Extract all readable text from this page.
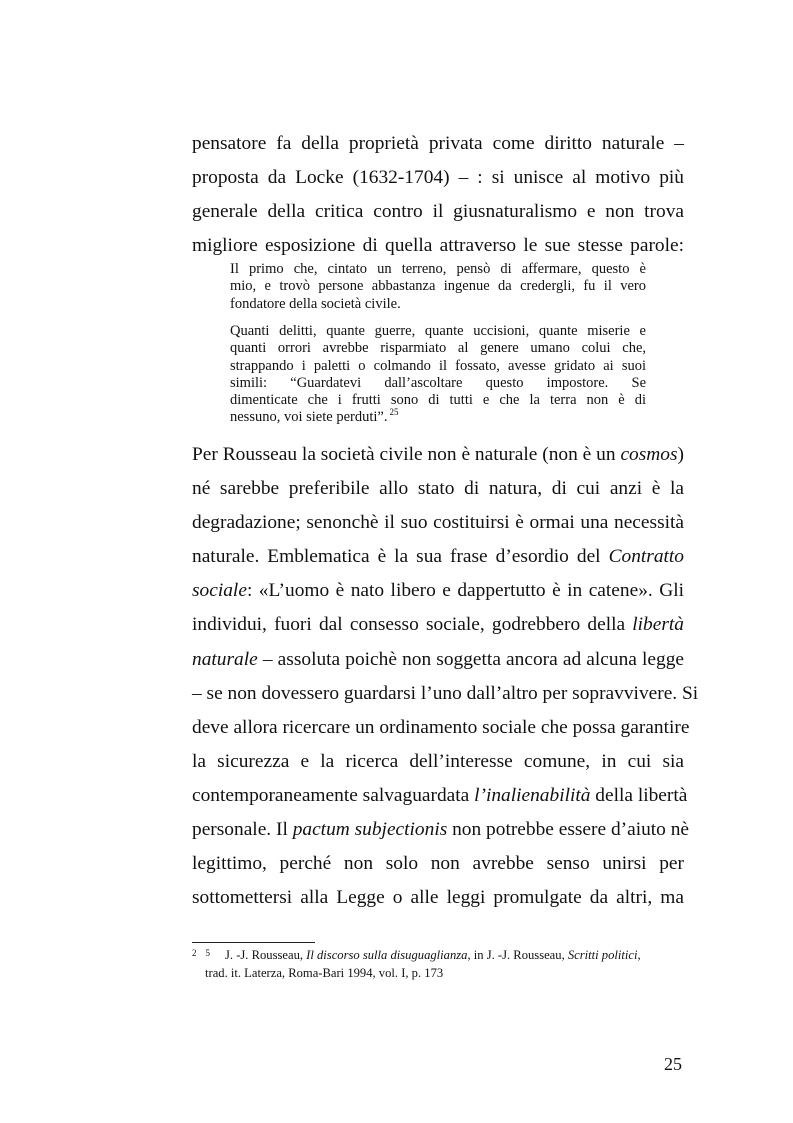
pensatore fa della proprietà privata come diritto naturale –
proposta da Locke (1632-1704) – : si unisce al motivo più
generale della critica contro il giusnaturalismo e non trova
migliore esposizione di quella attraverso le sue stesse parole:
Il primo che, cintato un terreno, pensò di affermare, questo è
mio, e trovò persone abbastanza ingenue da credergli, fu il vero
fondatore della società civile.
Quanti delitti, quante guerre, quante uccisioni, quante miserie e
quanti orrori avrebbe risparmiato al genere umano colui che,
strappando i paletti o colmando il fossato, avesse gridato ai suoi
simili: “Guardatevi dall’ascoltare questo impostore. Se
dimenticate che i frutti sono di tutti e che la terra non è di
nessuno, voi siete perduti”. $^{25}$
Per Rousseau la società civile non è naturale (non è un cosmos)
né sarebbe preferibile allo stato di natura, di cui anzi è la
degradazione; senonchè il suo costituirsi è ormai una necessità
naturale. Emblematica è la sua frase d’esordio del Contratto
sociale: «L’uomo è nato libero e dappertutto è in catene». Gli
individui, fuori dal consesso sociale, godrebbero della libertà
naturale – assoluta poichè non soggetta ancora ad alcuna legge
– se non dovessero guardarsi l’uno dall’altro per sopravvivere. Si
deve allora ricercare un ordinamento sociale che possa garantire
la sicurezza e la ricerca dell’interesse comune, in cui sia
contemporaneamente salvaguardata l’inalienabilità della libertà
personale. Il pactum subjectionis non potrebbe essere d’aiuto nè
legittimo, perché non solo non avrebbe senso unirsi per
sottomettersi alla Legge o alle leggi promulgate da altri, ma
2 5	J. -J. Rousseau, Il discorso sulla disuguaglianza, in J. -J. Rousseau, Scritti politici,
trad. it. Laterza, Roma-Bari 1994, vol. I, p. 173
25
